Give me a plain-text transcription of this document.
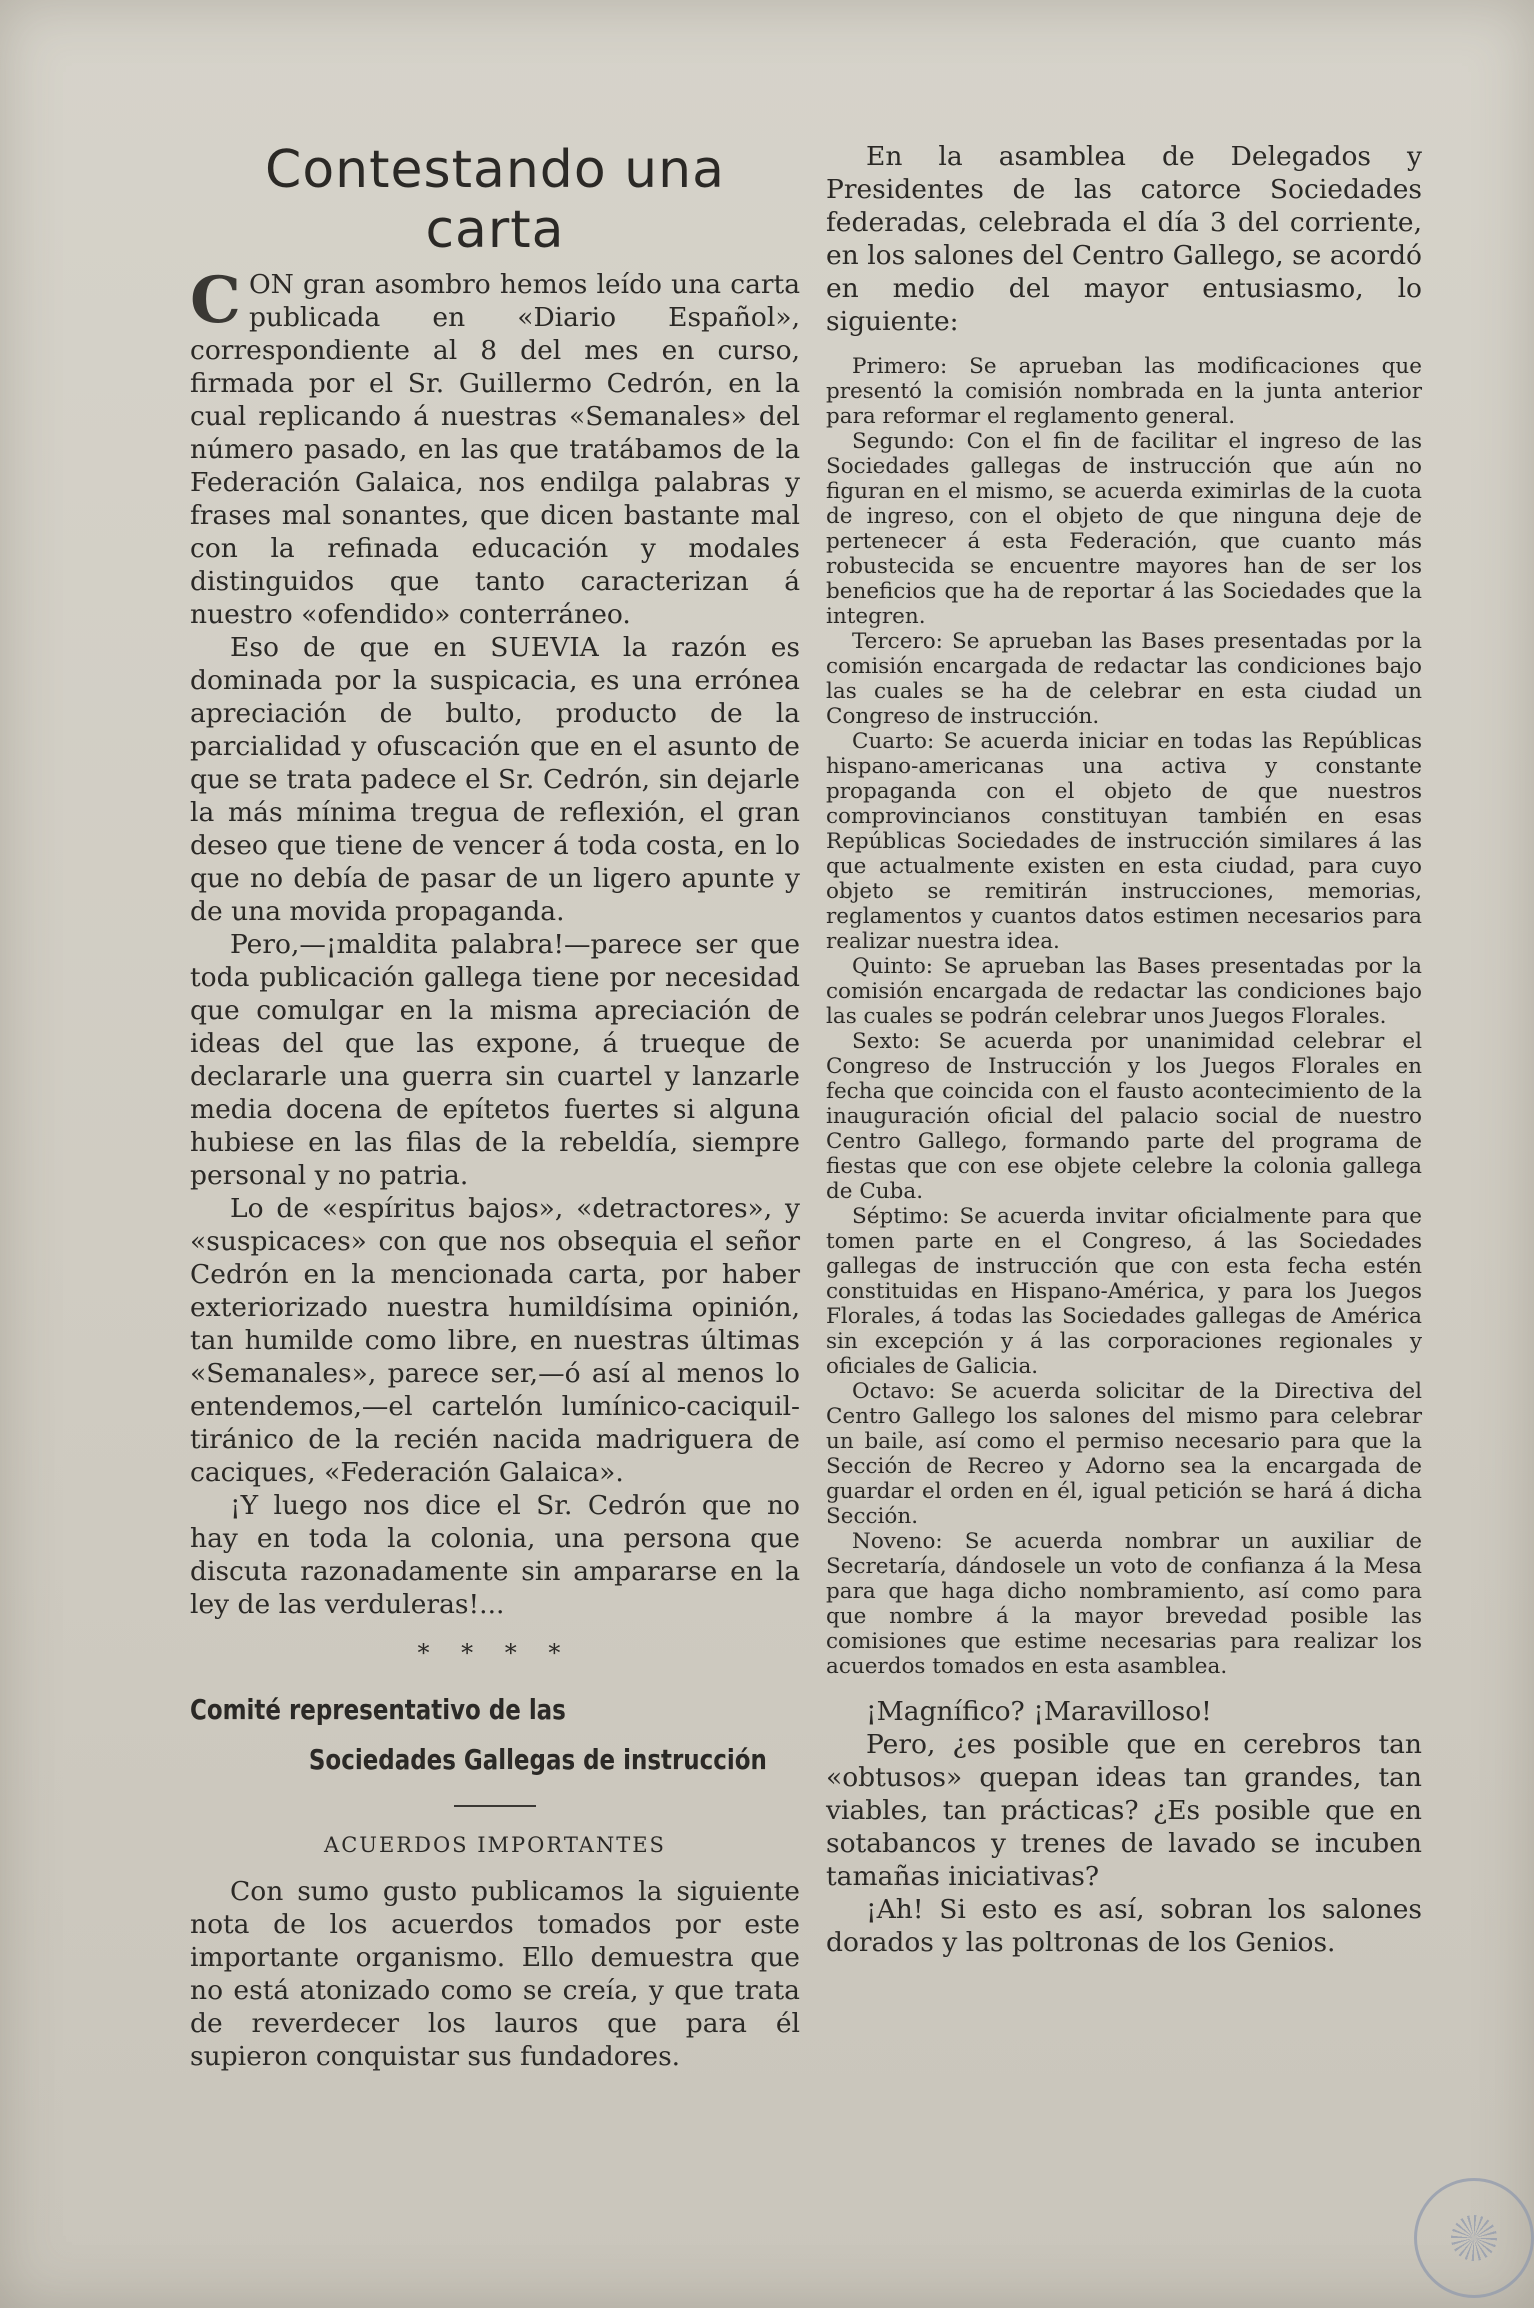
Contestando una carta

CON gran asombro hemos leído una carta publicada en «Diario Español», correspondiente al 8 del mes en curso, firmada por el Sr. Guillermo Cedrón, en la cual replicando á nuestras «Semanales» del número pasado, en las que tratábamos de la Federación Galaica, nos endilga palabras y frases mal sonantes, que dicen bastante mal con la refinada educación y modales distinguidos que tanto caracterizan á nuestro «ofendido» conterráneo.

Eso de que en SUEVIA la razón es dominada por la suspicacia, es una errónea apreciación de bulto, producto de la parcialidad y ofuscación que en el asunto de que se trata padece el Sr. Cedrón, sin dejarle la más mínima tregua de reflexión, el gran deseo que tiene de vencer á toda costa, en lo que no debía de pasar de un ligero apunte y de una movida propaganda.

Pero,—¡maldita palabra!—parece ser que toda publicación gallega tiene por necesidad que comulgar en la misma apreciación de ideas del que las expone, á trueque de declararle una guerra sin cuartel y lanzarle media docena de epítetos fuertes si alguna hubiese en las filas de la rebeldía, siempre personal y no patria.

Lo de «espíritus bajos», «detractores», y «suspicaces» con que nos obsequia el señor Cedrón en la mencionada carta, por haber exteriorizado nuestra humildísima opinión, tan humilde como libre, en nuestras últimas «Semanales», parece ser,—ó así al menos lo entendemos,—el cartelón lumínico-caciquil-tiránico de la recién nacida madriguera de caciques, «Federación Galaica».

¡Y luego nos dice el Sr. Cedrón que no hay en toda la colonia, una persona que discuta razonadamente sin ampararse en la ley de las verduleras!...

* * * *
Comité representativo de las
Sociedades Gallegas de instrucción
ACUERDOS IMPORTANTES

Con sumo gusto publicamos la siguiente nota de los acuerdos tomados por este importante organismo. Ello demuestra que no está atonizado como se creía, y que trata de reverdecer los lauros que para él supieron conquistar sus fundadores.

En la asamblea de Delegados y Presidentes de las catorce Sociedades federadas, celebrada el día 3 del corriente, en los salones del Centro Gallego, se acordó en medio del mayor entusiasmo, lo siguiente:

Primero: Se aprueban las modificaciones que presentó la comisión nombrada en la junta anterior para reformar el reglamento general.

Segundo: Con el fin de facilitar el ingreso de las Sociedades gallegas de instrucción que aún no figuran en el mismo, se acuerda eximirlas de la cuota de ingreso, con el objeto de que ninguna deje de pertenecer á esta Federación, que cuanto más robustecida se encuentre mayores han de ser los beneficios que ha de reportar á las Sociedades que la integren.

Tercero: Se aprueban las Bases presentadas por la comisión encargada de redactar las condiciones bajo las cuales se ha de celebrar en esta ciudad un Congreso de instrucción.

Cuarto: Se acuerda iniciar en todas las Repúblicas hispano-americanas una activa y constante propaganda con el objeto de que nuestros comprovincianos constituyan también en esas Repúblicas Sociedades de instrucción similares á las que actualmente existen en esta ciudad, para cuyo objeto se remitirán instrucciones, memorias, reglamentos y cuantos datos estimen necesarios para realizar nuestra idea.

Quinto: Se aprueban las Bases presentadas por la comisión encargada de redactar las condiciones bajo las cuales se podrán celebrar unos Juegos Florales.

Sexto: Se acuerda por unanimidad celebrar el Congreso de Instrucción y los Juegos Florales en fecha que coincida con el fausto acontecimiento de la inauguración oficial del palacio social de nuestro Centro Gallego, formando parte del programa de fiestas que con ese objete celebre la colonia gallega de Cuba.

Séptimo: Se acuerda invitar oficialmente para que tomen parte en el Congreso, á las Sociedades gallegas de instrucción que con esta fecha estén constituidas en Hispano-América, y para los Juegos Florales, á todas las Sociedades gallegas de América sin excepción y á las corporaciones regionales y oficiales de Galicia.

Octavo: Se acuerda solicitar de la Directiva del Centro Gallego los salones del mismo para celebrar un baile, así como el permiso necesario para que la Sección de Recreo y Adorno sea la encargada de guardar el orden en él, igual petición se hará á dicha Sección.

Noveno: Se acuerda nombrar un auxiliar de Secretaría, dándosele un voto de confianza á la Mesa para que haga dicho nombramiento, así como para que nombre á la mayor brevedad posible las comisiones que estime necesarias para realizar los acuerdos tomados en esta asamblea.

¡Magnífico? ¡Maravilloso!

Pero, ¿es posible que en cerebros tan «obtusos» quepan ideas tan grandes, tan viables, tan prácticas? ¿Es posible que en sotabancos y trenes de lavado se incuben tamañas iniciativas?

¡Ah! Si esto es así, sobran los salones dorados y las poltronas de los Genios.
